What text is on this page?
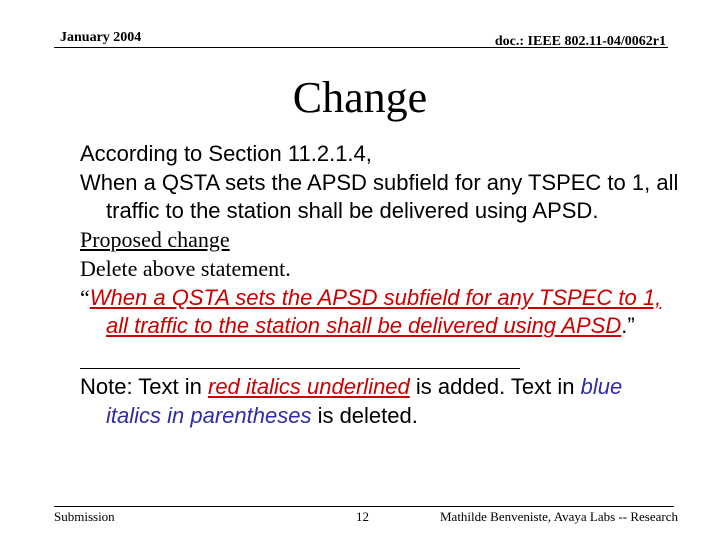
January 2004	doc.: IEEE 802.11-04/0062r1
Change
According to Section 11.2.1.4,
When a QSTA sets the APSD subfield for any TSPEC to 1, all traffic to the station shall be delivered using APSD.
Proposed change
Delete above statement.
“When a QSTA sets the APSD subfield for any TSPEC to 1, all traffic to the station shall be delivered using APSD.”
Note: Text in red italics underlined is added. Text in blue italics in parentheses is deleted.
Submission	12	Mathilde Benveniste, Avaya Labs -- Research
